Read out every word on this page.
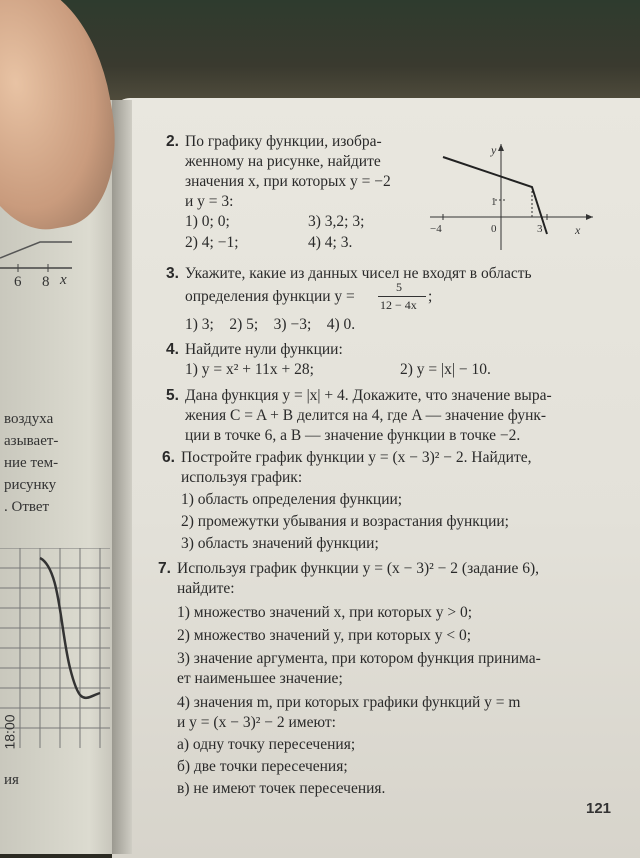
6 8 x
воздуха
азывает-
ние тем-
рисунку
. Ответ
18:00
ия
2. По графику функции, изобра-
женному на рисунке, найдите
значения x, при которых y = −2
и y = 3:
1) 0; 0;	3) 3,2; 3;
2) 4; −1;	4) 4; 3.
y
x
1
−4	0	3
3. Укажите, какие из данных чисел не входят в область
определения функции y =
5
12 − 4x ;
1) 3;    2) 5;    3) −3;    4) 0.
4. Найдите нули функции:
1) y = x² + 11x + 28;	2) y = |x| − 10.
5. Дана функция y = |x| + 4. Докажите, что значение выра-
жения C = A + B делится на 4, где A — значение функ-
ции в точке 6, а B — значение функции в точке −2.
6. Постройте график функции y = (x − 3)² − 2. Найдите,
используя график:
1) область определения функции;
2) промежутки убывания и возрастания функции;
3) область значений функции;
7. Используя график функции y = (x − 3)² − 2 (задание 6),
найдите:
1) множество значений x, при которых y > 0;
2) множество значений y, при которых y < 0;
3) значение аргумента, при котором функция принима-
ет наименьшее значение;
4) значения m, при которых графики функций y = m
и y = (x − 3)² − 2 имеют:
а) одну точку пересечения;
б) две точки пересечения;
в) не имеют точек пересечения.
121
